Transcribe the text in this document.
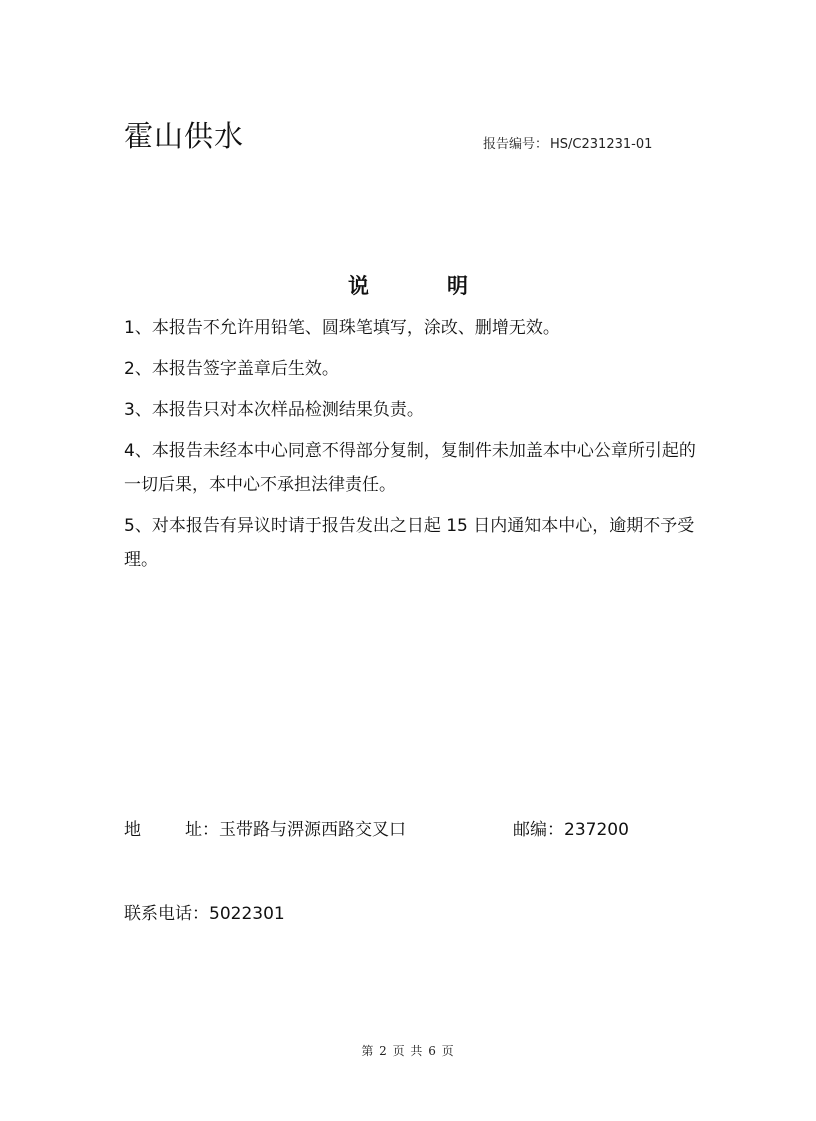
霍山供水	报告编号： HS/C231231-01
说	明
1、本报告不允许用铅笔、圆珠笔填写，涂改、删增无效。
2、本报告签字盖章后生效。
3、本报告只对本次样品检测结果负责。
4、本报告未经本中心同意不得部分复制，复制件未加盖本中心公章所引起的一切后果，本中心不承担法律责任。
5、对本报告有异议时请于报告发出之日起 15 日内通知本中心，逾期不予受理。
地	址：玉带路与淠源西路交叉口	邮编：237200
联系电话：5022301
第 2 页 共 6 页
